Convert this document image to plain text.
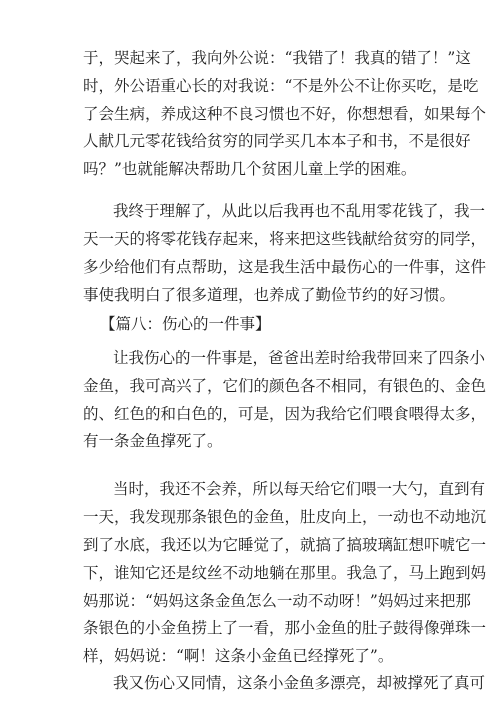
于，哭起来了，我向外公说：“我错了！我真的错了！”这
时，外公语重心长的对我说：“不是外公不让你买吃，是吃
了会生病，养成这种不良习惯也不好，你想想看，如果每个
人献几元零花钱给贫穷的同学买几本本子和书，不是很好
吗？”也就能解决帮助几个贫困儿童上学的困难。
我终于理解了，从此以后我再也不乱用零花钱了，我一
天一天的将零花钱存起来，将来把这些钱献给贫穷的同学，
多少给他们有点帮助，这是我生活中最伤心的一件事，这件
事使我明白了很多道理，也养成了勤俭节约的好习惯。
【篇八：伤心的一件事】
让我伤心的一件事是，爸爸出差时给我带回来了四条小
金鱼，我可高兴了，它们的颜色各不相同，有银色的、金色
的、红色的和白色的，可是，因为我给它们喂食喂得太多，
有一条金鱼撑死了。
当时，我还不会养，所以每天给它们喂一大勺，直到有
一天，我发现那条银色的金鱼，肚皮向上，一动也不动地沉
到了水底，我还以为它睡觉了，就搞了搞玻璃缸想吓唬它一
下，谁知它还是纹丝不动地躺在那里。我急了，马上跑到妈
妈那说：“妈妈这条金鱼怎么一动不动呀！”妈妈过来把那
条银色的小金鱼捞上了一看，那小金鱼的肚子鼓得像弹珠一
样，妈妈说：“啊！这条小金鱼已经撑死了”。
我又伤心又同情，这条小金鱼多漂亮，却被撑死了真可
